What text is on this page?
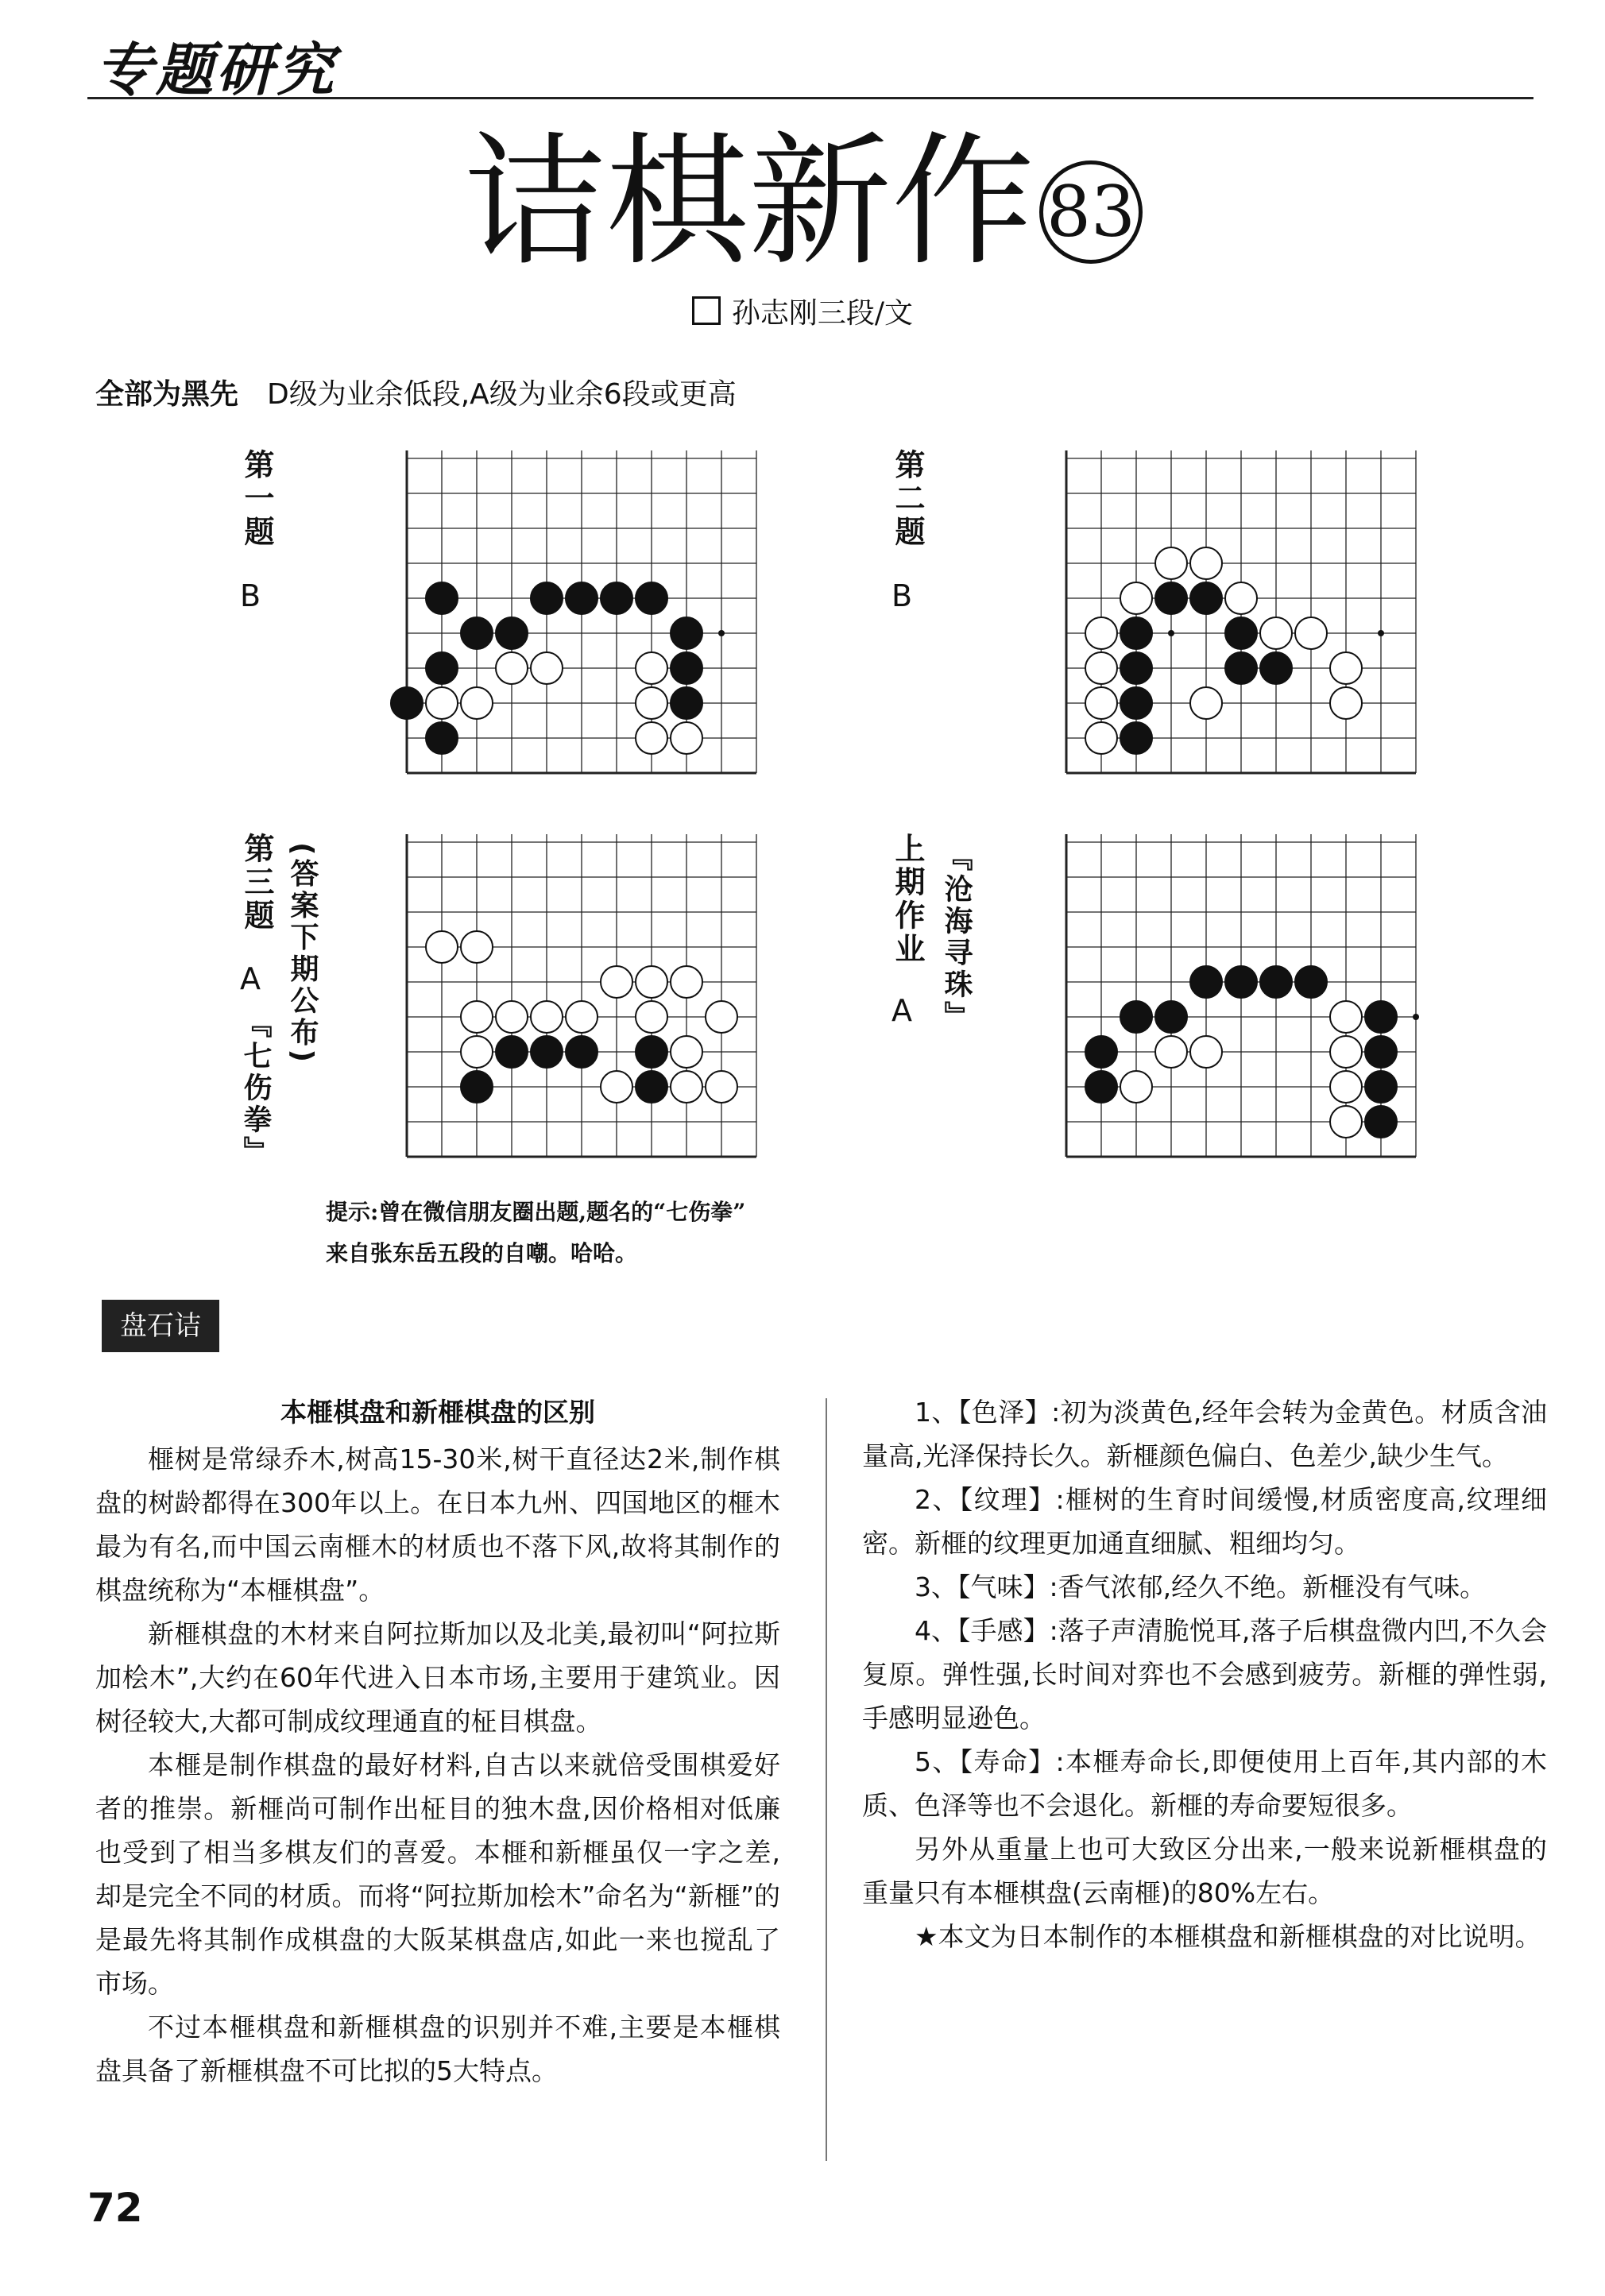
专题研究
诘棋新作 83
孙志刚三段/文
全部为黑先 D级为业余低段,A级为业余6段或更高
第一题
B
第二题
B
第三题
A
『七伤拳』
(答案下期公布)	上期作业
A 『沧海寻珠』
提示:曾在微信朋友圈出题,题名的“七伤拳”
来自张东岳五段的自嘲。哈哈。
盘石诘

本榧棋盘和新榧棋盘的区别

榧树是常绿乔木,树高15-30米,树干直径达2米,制作棋盘的树龄都得在300年以上。在日本九州、四国地区的榧木最为有名,而中国云南榧木的材质也不落下风,故将其制作的棋盘统称为“本榧棋盘”。

新榧棋盘的木材来自阿拉斯加以及北美,最初叫“阿拉斯加桧木”,大约在60年代进入日本市场,主要用于建筑业。因树径较大,大都可制成纹理通直的柾目棋盘。

本榧是制作棋盘的最好材料,自古以来就倍受围棋爱好者的推崇。新榧尚可制作出柾目的独木盘,因价格相对低廉也受到了相当多棋友们的喜爱。本榧和新榧虽仅一字之差,却是完全不同的材质。而将“阿拉斯加桧木”命名为“新榧”的是最先将其制作成棋盘的大阪某棋盘店,如此一来也搅乱了市场。

不过本榧棋盘和新榧棋盘的识别并不难,主要是本榧棋盘具备了新榧棋盘不可比拟的5大特点。

1、【色泽】:初为淡黄色,经年会转为金黄色。材质含油量高,光泽保持长久。新榧颜色偏白、色差少,缺少生气。

2、【纹理】:榧树的生育时间缓慢,材质密度高,纹理细密。新榧的纹理更加通直细腻、粗细均匀。

3、【气味】:香气浓郁,经久不绝。新榧没有气味。

4、【手感】:落子声清脆悦耳,落子后棋盘微内凹,不久会复原。弹性强,长时间对弈也不会感到疲劳。新榧的弹性弱,手感明显逊色。

5、【寿命】:本榧寿命长,即便使用上百年,其内部的木质、色泽等也不会退化。新榧的寿命要短很多。

另外从重量上也可大致区分出来,一般来说新榧棋盘的重量只有本榧棋盘(云南榧)的80%左右。

★本文为日本制作的本榧棋盘和新榧棋盘的对比说明。

72
